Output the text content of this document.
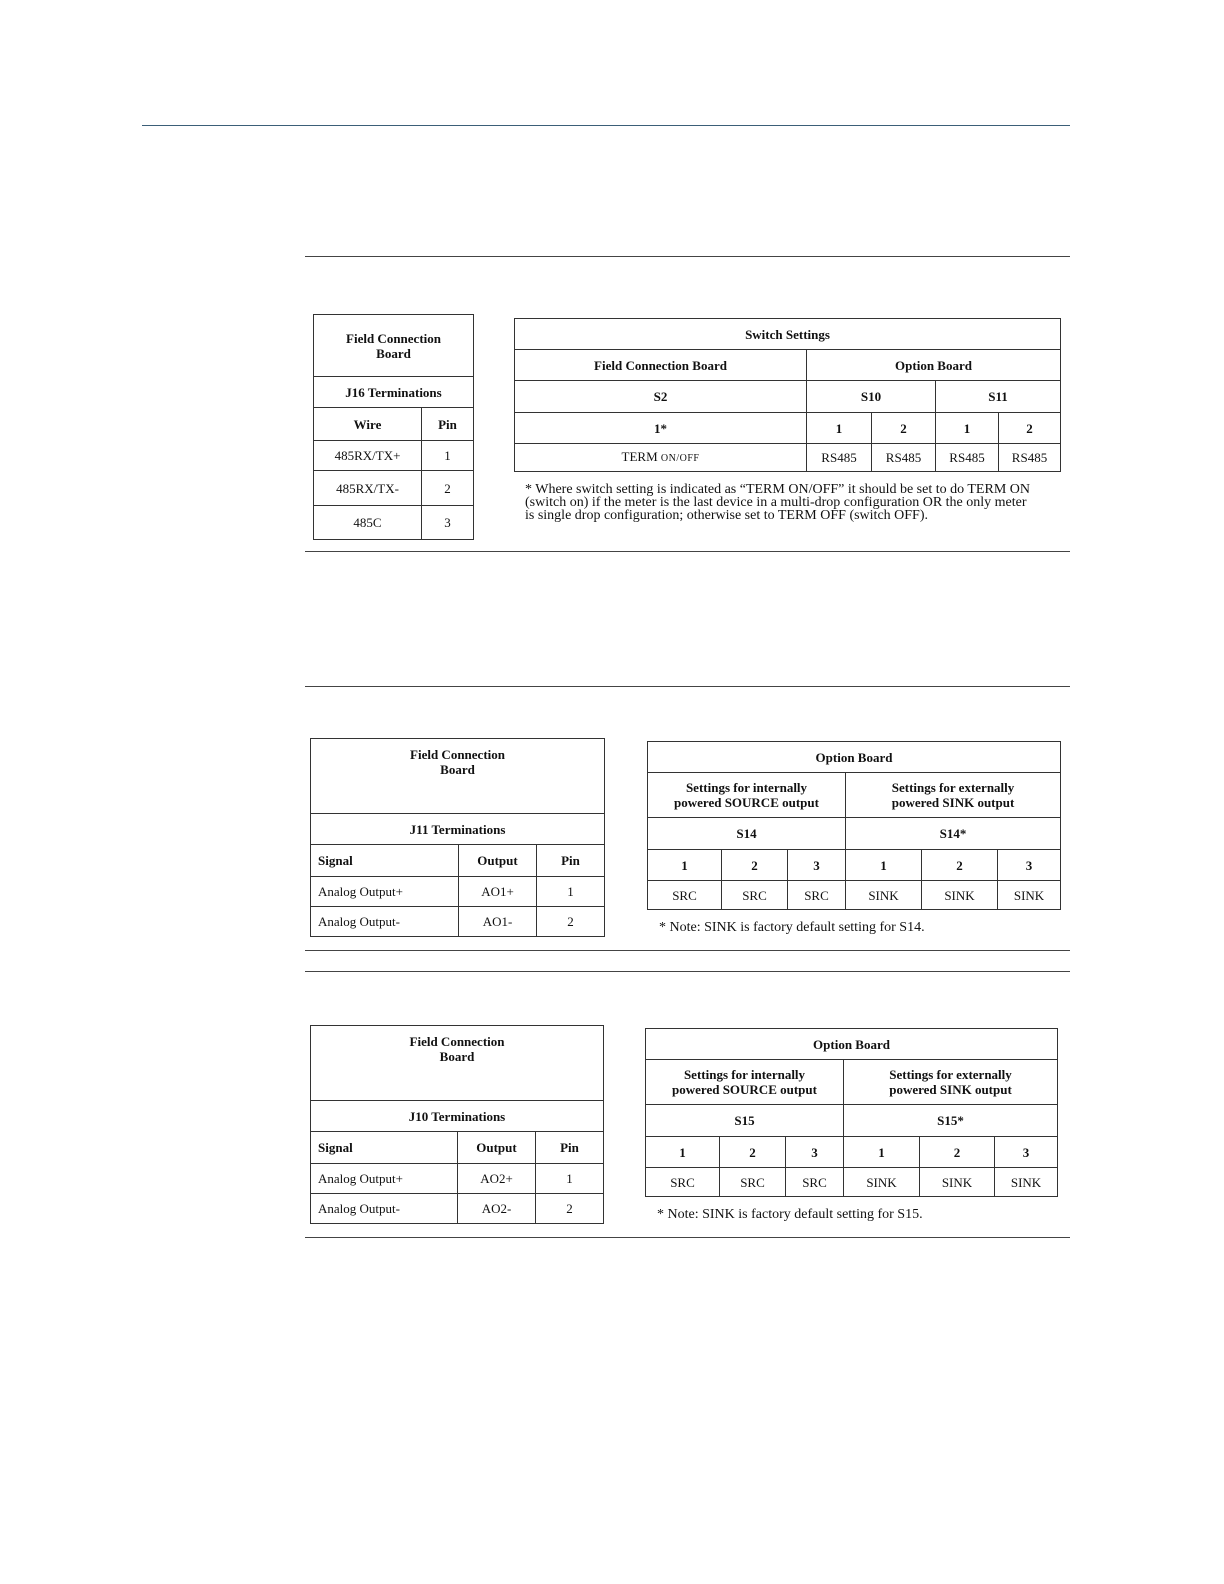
Field Connection
Board	
J16 Terminations	
Wire	Pin
485RX/TX+	1
485RX/TX-	2
485C	3
Switch Settings				
Field Connection Board	Option Board			
S2	S10		S11	
1*	1	2	1	2
TERM ON/OFF	RS485	RS485	RS485	RS485
* Where switch setting is indicated as “TERM ON/OFF” it should be set to do TERM ON
(switch on) if the meter is the last device in a multi-drop configuration OR the only meter
is single drop configuration; otherwise set to TERM OFF (switch OFF).
Field Connection
Board		
J11 Terminations		
Signal	Output	Pin
Analog Output+	AO1+	1
Analog Output-	AO1-	2
Option Board					
Settings for internally
powered SOURCE output			Settings for externally
powered SINK output		
S14			S14*		
1	2	3	1	2	3
SRC	SRC	SRC	SINK	SINK	SINK
* Note: SINK is factory default setting for S14.
Field Connection
Board		
J10 Terminations		
Signal	Output	Pin
Analog Output+	AO2+	1
Analog Output-	AO2-	2
Option Board					
Settings for internally
powered SOURCE output			Settings for externally
powered SINK output		
S15			S15*		
1	2	3	1	2	3
SRC	SRC	SRC	SINK	SINK	SINK
* Note: SINK is factory default setting for S15.
